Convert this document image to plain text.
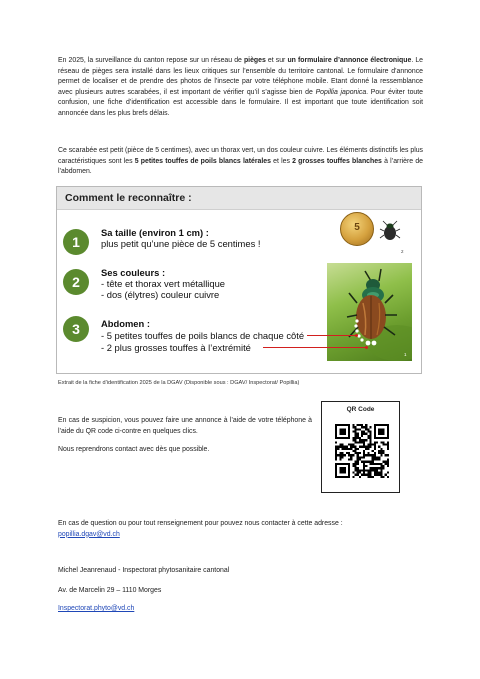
En 2025, la surveillance du canton repose sur un réseau de pièges et sur un formulaire d’annonce électronique. Le réseau de pièges sera installé dans les lieux critiques sur l’ensemble du territoire cantonal. Le formulaire d’annonce permet de localiser et de prendre des photos de l’insecte par votre téléphone mobile. Etant donné la ressemblance avec plusieurs autres scarabées, il est important de vérifier qu’il s’agisse bien de Popillia japonica. Pour éviter toute confusion, une fiche d’identification est accessible dans le formulaire. Il est important que toute identification soit annoncée dans les plus brefs délais.

Ce scarabée est petit (pièce de 5 centimes), avec un thorax vert, un dos couleur cuivre. Les éléments distinctifs les plus caractéristiques sont les 5 petites touffes de poils blancs latérales et les 2 grosses touffes blanches à l’arrière de l’abdomen.

Comment le reconnaître :
1
Sa taille (environ 1 cm) :
plus petit qu’une pièce de 5 centimes !
2
Ses couleurs :
- tête et thorax vert métallique
- dos (élytres) couleur cuivre
3	Abdomen :
- 5 petites touffes de poils blancs de chaque côté
- 2 plus grosses touffes à l’extrémité
5
2
1
Extrait de la fiche d’identification 2025 de la DGAV (Disponible sous : DGAV/ Inspectorat/ Popillia)

En cas de suspicion, vous pouvez faire une annonce à l’aide de votre téléphone à l’aide du QR code ci-contre en quelques clics.

Nous reprendrons contact avec dès que possible.

QR Code

En cas de question ou pour tout renseignement pour pouvez nous contacter à cette adresse :
popillia.dgav@vd.ch

Michel Jeanrenaud - Inspectorat phytosanitaire cantonal

Av. de Marcelin 29 – 1110 Morges

Inspectorat.phyto@vd.ch
